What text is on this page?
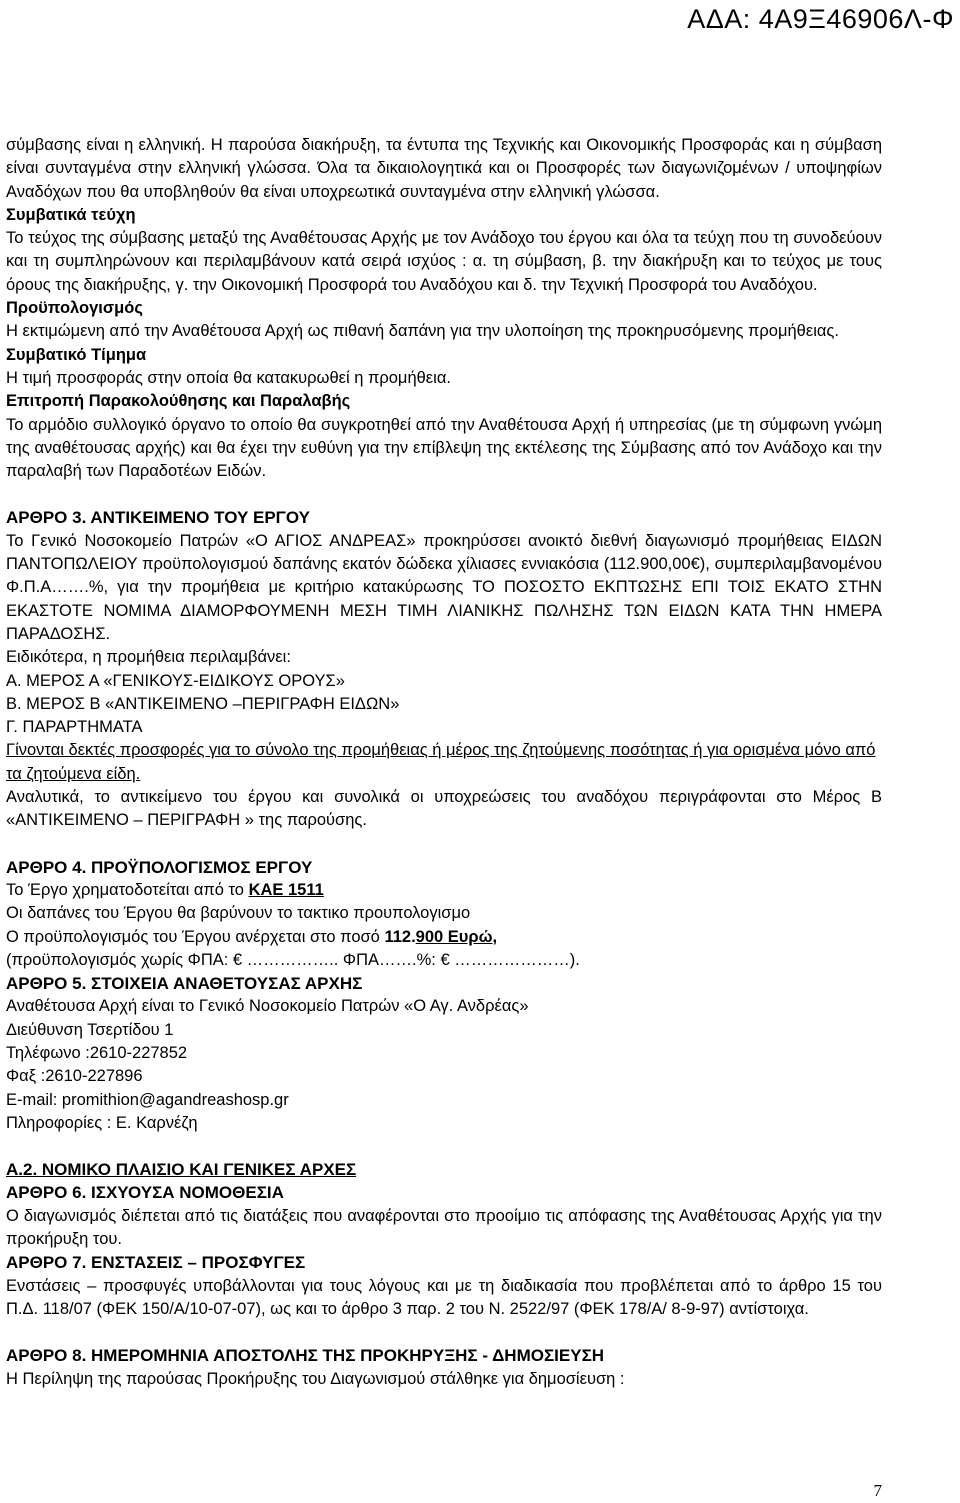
ΑΔΑ: 4Α9Ξ46906Λ-Φ

σύμβασης είναι η ελληνική. Η παρούσα διακήρυξη, τα έντυπα της Τεχνικής και Οικονομικής Προσφοράς και η σύμβαση είναι συνταγμένα στην ελληνική γλώσσα. Όλα τα δικαιολογητικά και οι Προσφορές των διαγωνιζομένων / υποψηφίων Αναδόχων που θα υποβληθούν θα είναι υποχρεωτικά συνταγμένα στην ελληνική γλώσσα.

Συμβατικά τεύχη

Το τεύχος της σύμβασης μεταξύ της Αναθέτουσας Αρχής με τον Ανάδοχο του έργου και όλα τα τεύχη που τη συνοδεύουν και τη συμπληρώνουν και περιλαμβάνουν κατά σειρά ισχύος : α. τη σύμβαση, β. την διακήρυξη και το τεύχος με τους όρους της διακήρυξης, γ. την Οικονομική Προσφορά του Αναδόχου και δ. την Τεχνική Προσφορά του Αναδόχου.

Προϋπολογισμός

Η εκτιμώμενη από την Αναθέτουσα Αρχή ως πιθανή δαπάνη για την υλοποίηση της προκηρυσόμενης προμήθειας.

Συμβατικό Τίμημα

Η τιμή προσφοράς στην οποία θα κατακυρωθεί η προμήθεια.

Επιτροπή Παρακολούθησης και Παραλαβής

Το αρμόδιο συλλογικό όργανο το οποίο θα συγκροτηθεί από την Αναθέτουσα Αρχή ή υπηρεσίας (με τη σύμφωνη γνώμη της αναθέτουσας αρχής) και θα έχει την ευθύνη για την επίβλεψη της εκτέλεσης της Σύμβασης από τον Ανάδοχο και την παραλαβή των Παραδοτέων Ειδών.

ΑΡΘΡΟ 3. ΑΝΤΙΚΕΙΜΕΝΟ ΤΟΥ ΕΡΓΟΥ

Το Γενικό Νοσοκομείο Πατρών «Ο ΑΓΙΟΣ ΑΝΔΡΕΑΣ» προκηρύσσει ανοικτό διεθνή διαγωνισμό προμήθειας ΕΙΔΩΝ ΠΑΝΤΟΠΩΛΕΙΟΥ προϋπολογισμού δαπάνης εκατόν δώδεκα χίλιασες εννιακόσια (112.900,00€), συμπεριλαμβανομένου Φ.Π.Α…….%, για την προμήθεια με κριτήριο κατακύρωσης ΤΟ ΠΟΣΟΣΤΟ ΕΚΠΤΩΣΗΣ ΕΠΙ ΤΟΙΣ ΕΚΑΤΟ ΣΤΗΝ ΕΚΑΣΤΟΤΕ ΝΟΜΙΜΑ ΔΙΑΜΟΡΦΟΥΜΕΝΗ ΜΕΣΗ ΤΙΜΗ ΛΙΑΝΙΚΗΣ ΠΩΛΗΣΗΣ ΤΩΝ ΕΙΔΩΝ ΚΑΤΑ ΤΗΝ ΗΜΕΡΑ ΠΑΡΑΔΟΣΗΣ.

Ειδικότερα, η προμήθεια περιλαμβάνει:

Α. ΜΕΡΟΣ Α «ΓΕΝΙΚΟΥΣ-ΕΙΔΙΚΟΥΣ ΟΡΟΥΣ»

Β. ΜΕΡΟΣ Β «ΑΝΤΙΚΕΙΜΕΝΟ –ΠΕΡΙΓΡΑΦΗ ΕΙΔΩΝ»

Γ. ΠΑΡΑΡΤΗΜΑΤΑ

Γίνονται δεκτές προσφορές για το σύνολο της προμήθειας ή μέρος της ζητούμενης ποσότητας ή για ορισμένα μόνο από τα ζητούμενα είδη.

Αναλυτικά, το αντικείμενο του έργου και συνολικά οι υποχρεώσεις του αναδόχου περιγράφονται στο Μέρος Β «ΑΝΤΙΚΕΙΜΕΝΟ – ΠΕΡΙΓΡΑΦΗ » της παρούσης.

ΑΡΘΡΟ 4. ΠΡΟΫΠΟΛΟΓΙΣΜΟΣ ΕΡΓΟΥ

Το Έργο χρηματοδοτείται από το ΚΑΕ 1511

Οι δαπάνες του Έργου θα βαρύνουν το τακτικο προυπολογισμο

Ο προϋπολογισμός του Έργου ανέρχεται στο ποσό 112.900 Ευρώ,

(προϋπολογισμός χωρίς ΦΠΑ: € …………….. ΦΠΑ…….%: € …………………).

ΑΡΘΡΟ 5. ΣΤΟΙΧΕΙΑ ΑΝΑΘΕΤΟΥΣΑΣ ΑΡΧΗΣ

Αναθέτουσα Αρχή είναι το Γενικό Νοσοκομείο Πατρών «Ο Αγ. Ανδρέας»

Διεύθυνση Τσερτίδου 1

Τηλέφωνο :2610-227852

Φαξ :2610-227896

E-mail: promithion@agandreashosp.gr

Πληροφορίες : Ε. Καρνέζη

Α.2. ΝΟΜΙΚΟ ΠΛΑΙΣΙΟ ΚΑΙ ΓΕΝΙΚΕΣ ΑΡΧΕΣ

ΑΡΘΡΟ 6. ΙΣΧΥΟΥΣΑ ΝΟΜΟΘΕΣΙΑ

Ο διαγωνισμός διέπεται από τις διατάξεις που αναφέρονται στο προοίμιο τις απόφασης της Αναθέτουσας Αρχής για την προκήρυξη του.

ΑΡΘΡΟ 7. ΕΝΣΤΑΣΕΙΣ – ΠΡΟΣΦΥΓΕΣ

Ενστάσεις – προσφυγές υποβάλλονται για τους λόγους και με τη διαδικασία που προβλέπεται από το άρθρο 15 του Π.Δ. 118/07 (ΦΕΚ 150/Α/10-07-07), ως και το άρθρο 3 παρ. 2 του Ν. 2522/97 (ΦΕΚ 178/Α/ 8-9-97) αντίστοιχα.

ΑΡΘΡΟ 8. ΗΜΕΡΟΜΗΝΙΑ ΑΠΟΣΤΟΛΗΣ ΤΗΣ ΠΡΟΚΗΡΥΞΗΣ - ΔΗΜΟΣΙΕΥΣΗ

Η Περίληψη της παρούσας Προκήρυξης του Διαγωνισμού στάλθηκε για δημοσίευση :

7
